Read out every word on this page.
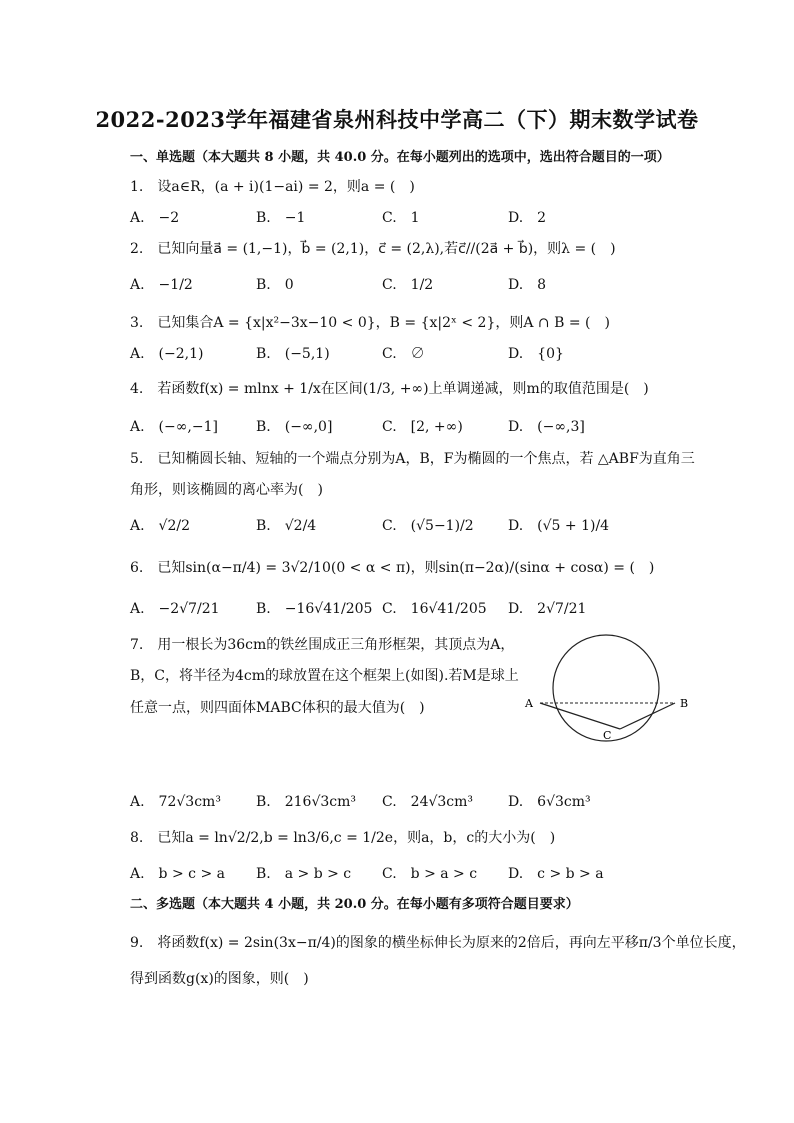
2022-2023学年福建省泉州科技中学高二（下）期末数学试卷
一、单选题（本大题共 8 小题，共 40.0 分。在每小题列出的选项中，选出符合题目的一项）
1.　设a∈R，(a + i)(1−ai) = 2，则a = (　)
A.　−2	B.　−1	C.　1	D.　2
2.　已知向量a⃗ = (1,−1)，b⃗ = (2,1)，c⃗ = (2,λ),若c⃗//(2a⃗ + b⃗)，则λ = (　)
A.　−1/2	B.　0	C.　1/2	D.　8
3.　已知集合A = {x|x²−3x−10 < 0}，B = {x|2ˣ < 2}，则A ∩ B = (　)
A.　(−2,1)	B.　(−5,1)	C.　∅	D.　{0}
4.　若函数f(x) = mlnx + 1/x在区间(1/3, +∞)上单调递减，则m的取值范围是(　)
A.　(−∞,−1]	B.　(−∞,0]	C.　[2, +∞)	D.　(−∞,3]
5.　已知椭圆长轴、短轴的一个端点分别为A，B，F为椭圆的一个焦点，若 △ABF为直角三
角形，则该椭圆的离心率为(　)
A.　√2/2	B.　√2/4	C.　(√5−1)/2 D.　(√5 + 1)/4
6.　已知sin(α−π/4) = 3√2/10(0 < α < π)，则sin(π−2α)/(sinα + cosα) = (　)
A.　−2√7/21	B.　−16√41/205 C.　16√41/205 D.　2√7/21
7.　用一根长为36cm的铁丝围成正三角形框架，其顶点为A，
B，C，将半径为4cm的球放置在这个框架上(如图).若M是球上
任意一点，则四面体MABC体积的最大值为(　)	A	B
C
A.　72√3cm³	B.　216√3cm³ C.　24√3cm³ D.　6√3cm³
8.　已知a = ln√2/2,b = ln3/6,c = 1/2e，则a，b，c的大小为(　)
A.　b > c > a B.　a > b > c C.　b > a > c D.　c > b > a
二、多选题（本大题共 4 小题，共 20.0 分。在每小题有多项符合题目要求）
9.　将函数f(x) = 2sin(3x−π/4)的图象的横坐标伸长为原来的2倍后，再向左平移π/3个单位长度，
得到函数g(x)的图象，则(　)
